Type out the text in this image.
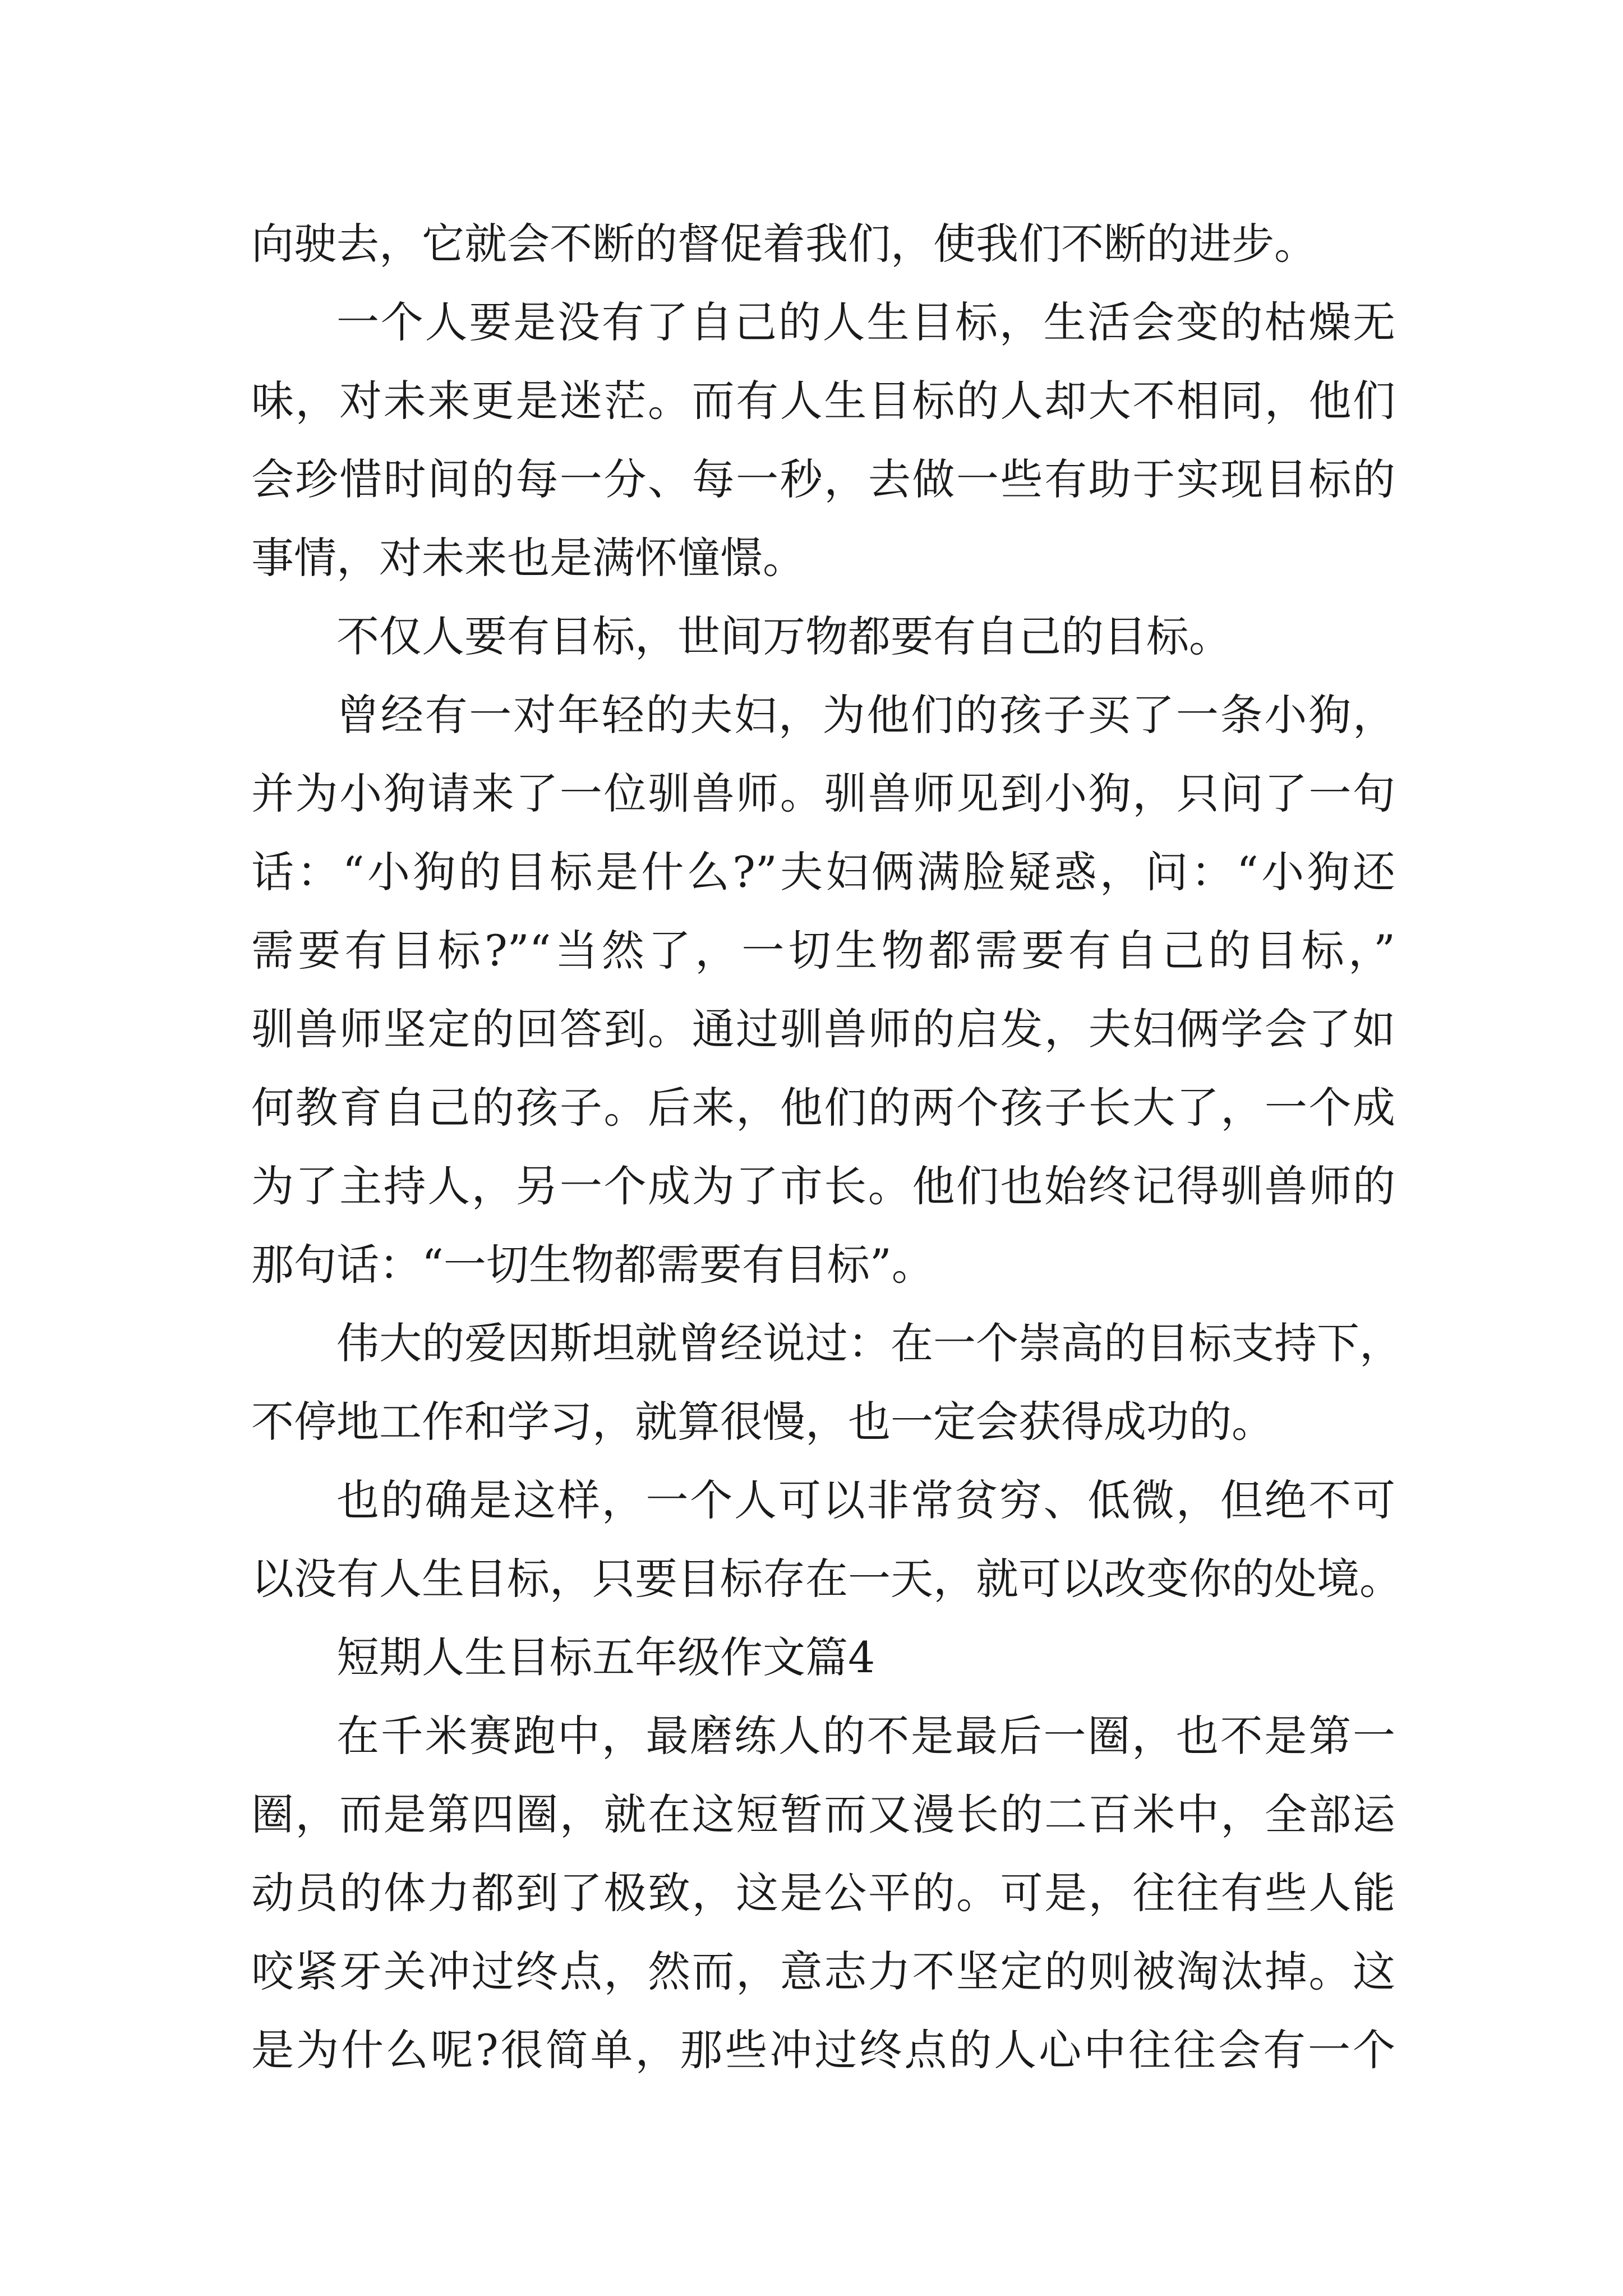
向驶去，它就会不断的督促着我们，使我们不断的进步。
一个人要是没有了自己的人生目标，生活会变的枯燥无
味，对未来更是迷茫。而有人生目标的人却大不相同，他们
会珍惜时间的每一分、每一秒，去做一些有助于实现目标的
事情，对未来也是满怀憧憬。
不仅人要有目标，世间万物都要有自己的目标。
曾经有一对年轻的夫妇，为他们的孩子买了一条小狗，
并为小狗请来了一位驯兽师。驯兽师见到小狗，只问了一句
话：“小狗的目标是什么?”夫妇俩满脸疑惑，问：“小狗还
需要有目标?”“当然了，一切生物都需要有自己的目标，”
驯兽师坚定的回答到。通过驯兽师的启发，夫妇俩学会了如
何教育自己的孩子。后来，他们的两个孩子长大了，一个成
为了主持人，另一个成为了市长。他们也始终记得驯兽师的
那句话：“一切生物都需要有目标”。
伟大的爱因斯坦就曾经说过：在一个崇高的目标支持下，
不停地工作和学习，就算很慢，也一定会获得成功的。
也的确是这样，一个人可以非常贫穷、低微，但绝不可
以没有人生目标，只要目标存在一天，就可以改变你的处境。
短期人生目标五年级作文篇4
在千米赛跑中，最磨练人的不是最后一圈，也不是第一
圈，而是第四圈，就在这短暂而又漫长的二百米中，全部运
动员的体力都到了极致，这是公平的。可是，往往有些人能
咬紧牙关冲过终点，然而，意志力不坚定的则被淘汰掉。这
是为什么呢?很简单，那些冲过终点的人心中往往会有一个
